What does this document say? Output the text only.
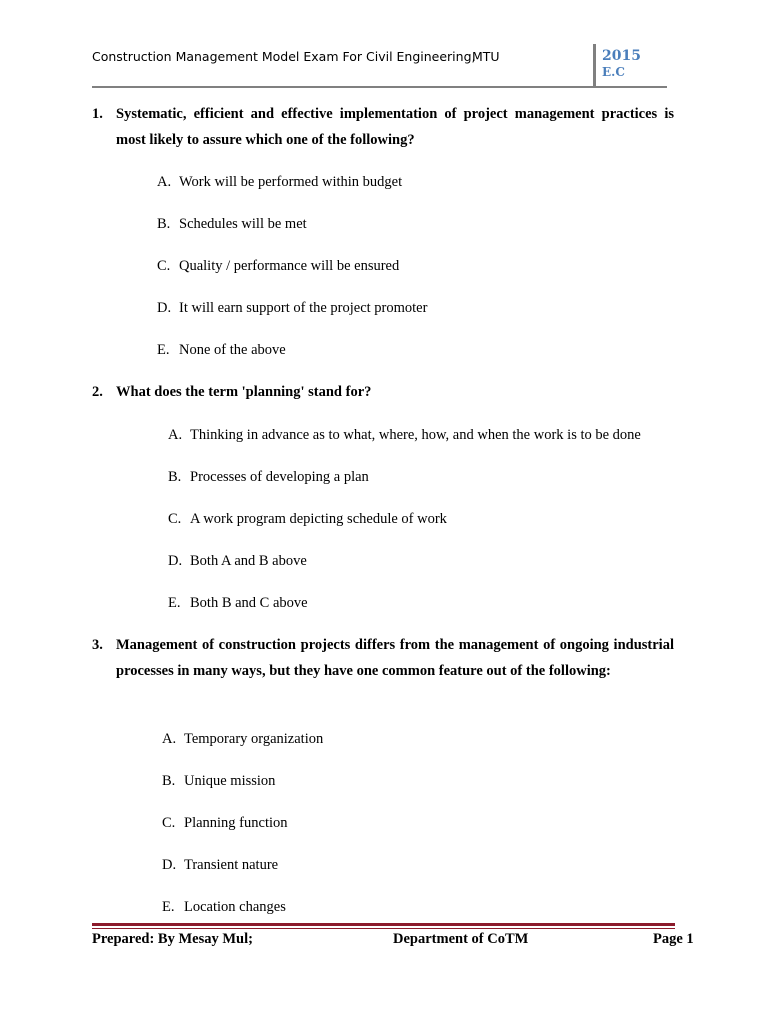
Construction Management Model Exam For Civil Engineering,
MTU	2015
E.C
1. Systematic, efficient and effective implementation of project management practices is most likely to assure which one of the following?
A. Work will be performed within budget
B. Schedules will be met
C. Quality / performance will be ensured
D. It will earn support of the project promoter
E. None of the above
2. What does the term 'planning' stand for?
A. Thinking in advance as to what, where, how, and when the work is to be done
B. Processes of developing a plan
C. A work program depicting schedule of work
D. Both A and B above
E. Both B and C above
3. Management of construction projects differs from the management of ongoing industrial processes in many ways, but they have one common feature out of the following:
A. Temporary organization
B. Unique mission
C. Planning function
D. Transient nature
E. Location changes
Prepared: By Mesay Mul;	Department of CoTM	Page 1
